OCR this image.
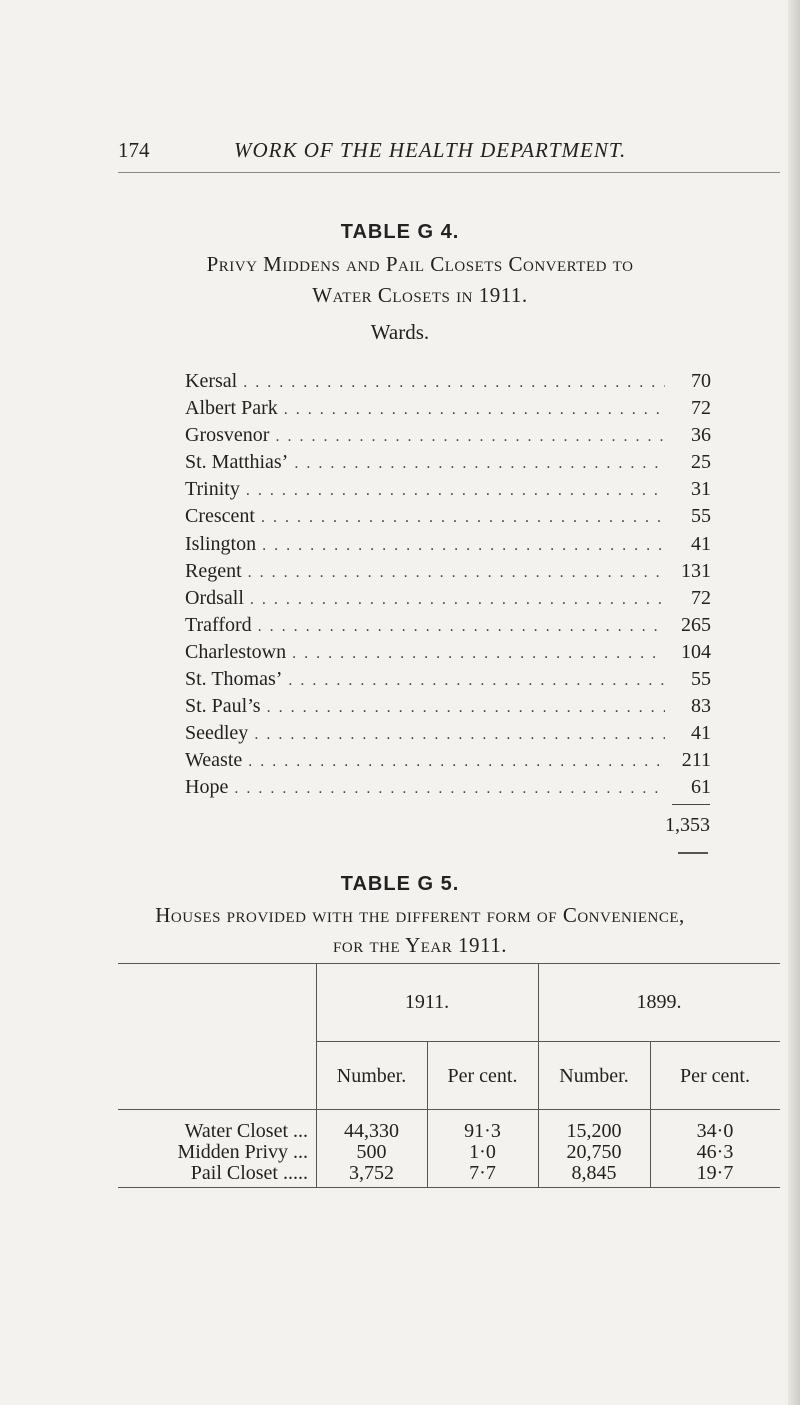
174	WORK OF THE HEALTH DEPARTMENT.
TABLE G 4.
Privy Middens and Pail Closets Converted to
Water Closets in 1911.
Wards.
Kersal . . .	70
Albert Park . . .	72
Grosvenor . . .	36
St. Matthias’ . . .	25
Trinity . . .	31
Crescent . . .	55
Islington . . .	41
Regent . . .	131
Ordsall . . .	72
Trafford . . .	265
Charlestown . . .	104
St. Thomas’ . . .	55
St. Paul’s . . .	83
Seedley . . .	41
Weaste . . .	211
Hope . . .	61
1,353
TABLE G 5.
Houses provided with the different form of Convenience,
for the Year 1911.
1911.	1899.
Number.	Per cent.	Number.	Per cent.
Water Closet ...	44,330	91·3	15,200	34·0
Midden Privy ...	500	1·0	20,750	46·3
Pail Closet .....	3,752	7·7	8,845	19·7
